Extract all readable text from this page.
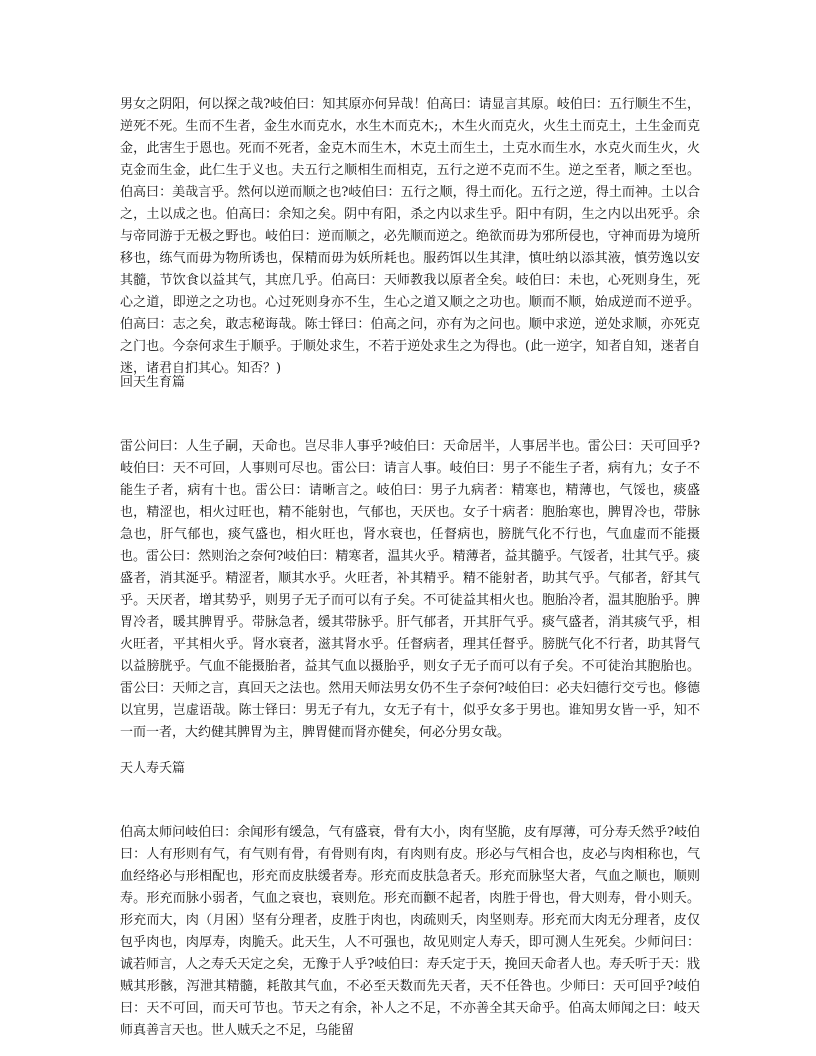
男女之阴阳，何以探之哉?岐伯曰：知其原亦何异哉！伯高曰：请显言其原。岐伯曰：五行顺生不生，逆死不死。生而不生者，金生水而克水，水生木而克木;，木生火而克火，火生土而克土，土生金而克金，此害生于恩也。死而不死者，金克木而生木，木克土而生土，土克水而生水，水克火而生火，火克金而生金，此仁生于义也。夫五行之顺相生而相克，五行之逆不克而不生。逆之至者，顺之至也。伯高曰：美哉言乎。然何以逆而顺之也?岐伯曰：五行之顺，得土而化。五行之逆，得土而神。土以合之，土以成之也。伯高曰：余知之矣。阴中有阳，杀之内以求生乎。阳中有阴，生之内以出死乎。余与帝同游于无极之野也。岐伯曰：逆而顺之，必先顺而逆之。绝欲而毋为邪所侵也，守神而毋为境所移也，练气而毋为物所诱也，保精而毋为妖所耗也。服药饵以生其津，慎吐纳以添其液，慎劳逸以安其髓，节饮食以益其气，其庶几乎。伯高曰：天师教我以原者全矣。岐伯曰：未也，心死则身生，死心之道，即逆之之功也。心过死则身亦不生，生心之道又顺之之功也。顺而不顺，始成逆而不逆乎。伯高曰：志之矣，敢志秘诲哉。陈士铎曰：伯高之问，亦有为之问也。顺中求逆，逆处求顺，亦死克之门也。今奈何求生于顺乎。于顺处求生，不若于逆处求生之为得也。(此一逆字，知者自知，迷者自迷，诸君自扪其心。知否？)

回天生育篇

雷公问曰：人生子嗣，天命也。岂尽非人事乎?岐伯曰：天命居半，人事居半也。雷公曰：天可回乎?岐伯曰：天不可回，人事则可尽也。雷公曰：请言人事。岐伯曰：男子不能生子者，病有九；女子不能生子者，病有十也。雷公曰：请晰言之。岐伯曰：男子九病者：精寒也，精薄也，气馁也，痰盛也，精涩也，相火过旺也，精不能射也，气郁也，天厌也。女子十病者：胞胎寒也，脾胃冷也，带脉急也，肝气郁也，痰气盛也，相火旺也，肾水衰也，任督病也，膀胱气化不行也，气血虚而不能摄也。雷公曰：然则治之奈何?岐伯曰：精寒者，温其火乎。精薄者，益其髓乎。气馁者，壮其气乎。痰盛者，消其涎乎。精涩者，顺其水乎。火旺者，补其精乎。精不能射者，助其气乎。气郁者，舒其气乎。天厌者，增其势乎，则男子无子而可以有子矣。不可徒益其相火也。胞胎冷者，温其胞胎乎。脾胃冷者，暖其脾胃乎。带脉急者，缓其带脉乎。肝气郁者，开其肝气乎。痰气盛者，消其痰气乎，相火旺者，平其相火乎。肾水衰者，滋其肾水乎。任督病者，理其任督乎。膀胱气化不行者，助其肾气以益膀胱乎。气血不能摄胎者，益其气血以摄胎乎，则女子无子而可以有子矣。不可徒治其胞胎也。雷公曰：天师之言，真回天之法也。然用天师法男女仍不生子奈何?岐伯曰：必夫妇德行交亏也。修德以宜男，岂虚语哉。陈士铎曰：男无子有九，女无子有十，似乎女多于男也。谁知男女皆一乎，知不一而一者，大约健其脾胃为主，脾胃健而肾亦健矣，何必分男女哉。

天人寿夭篇

伯高太师问岐伯曰：余闻形有缓急，气有盛衰，骨有大小，肉有坚脆，皮有厚薄，可分寿夭然乎?岐伯曰：人有形则有气，有气则有骨，有骨则有肉，有肉则有皮。形必与气相合也，皮必与肉相称也，气血经络必与形相配也，形充而皮肤缓者寿。形充而皮肤急者夭。形充而脉坚大者，气血之顺也，顺则寿。形充而脉小弱者，气血之衰也，衰则危。形充而颧不起者，肉胜于骨也，骨大则寿，骨小则夭。形充而大，肉（月困）坚有分理者，皮胜于肉也，肉疏则夭，肉坚则寿。形充而大肉无分理者，皮仅包乎肉也，肉厚寿，肉脆夭。此天生，人不可强也，故见则定人寿夭，即可测人生死矣。少师问曰：诚若师言，人之寿夭天定之矣，无豫于人乎?岐伯曰：寿夭定于天，挽回天命者人也。寿夭听于天：戕贼其形骸，泻泄其精髓，耗散其气血，不必至天数而先天者，天不任咎也。少师曰：天可回乎?岐伯曰：天不可回，而天可节也。节天之有余，补人之不足，不亦善全其天命乎。伯高太师闻之曰：岐天师真善言天也。世人贼夭之不足，乌能留
